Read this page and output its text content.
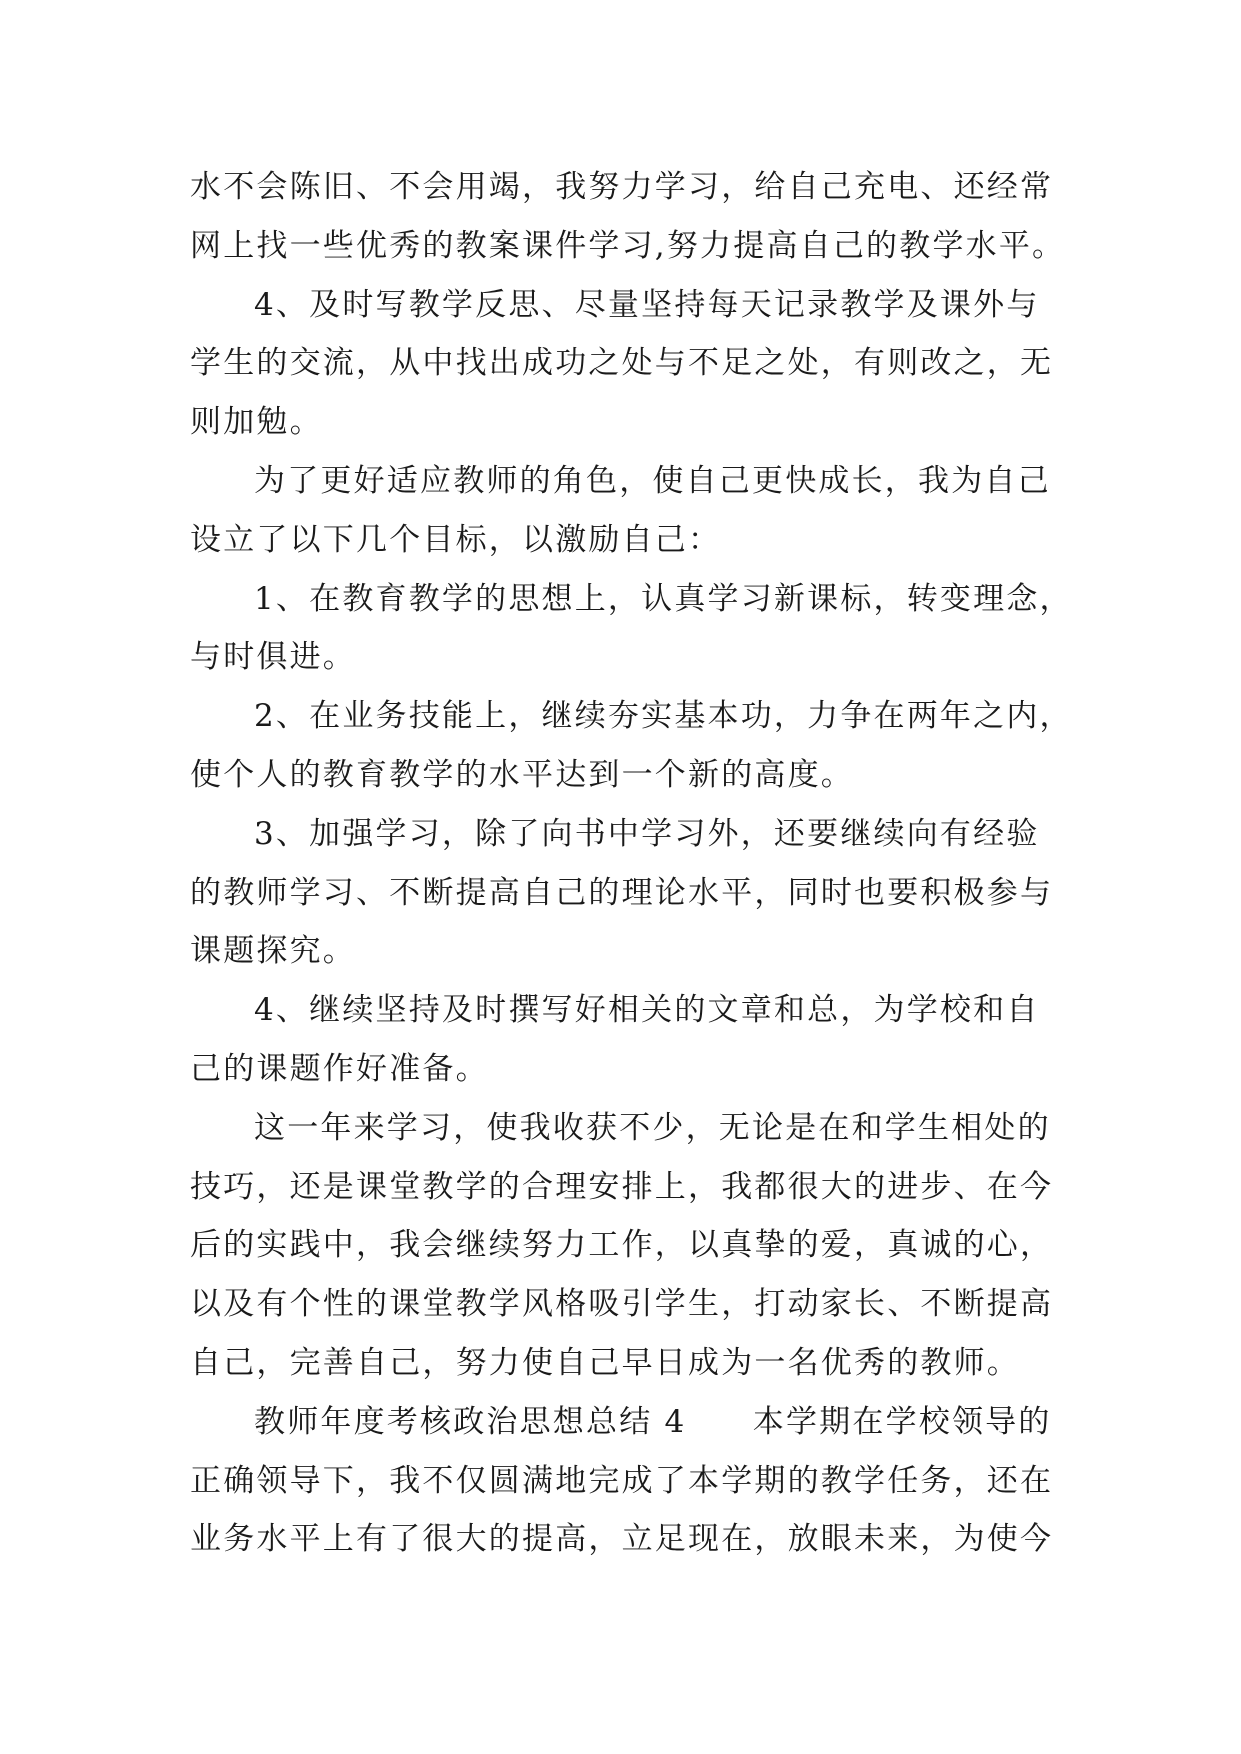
水不会陈旧、不会用竭，我努力学习，给自己充电、还经常
网上找一些优秀的教案课件学习,努力提高自己的教学水平。
4、及时写教学反思、尽量坚持每天记录教学及课外与
学生的交流，从中找出成功之处与不足之处，有则改之，无
则加勉。
为了更好适应教师的角色，使自己更快成长，我为自己
设立了以下几个目标，以激励自己：
1、在教育教学的思想上，认真学习新课标，转变理念，
与时俱进。
2、在业务技能上，继续夯实基本功，力争在两年之内，
使个人的教育教学的水平达到一个新的高度。
3、加强学习，除了向书中学习外，还要继续向有经验
的教师学习、不断提高自己的理论水平，同时也要积极参与
课题探究。
4、继续坚持及时撰写好相关的文章和总，为学校和自
己的课题作好准备。
这一年来学习，使我收获不少，无论是在和学生相处的
技巧，还是课堂教学的合理安排上，我都很大的进步、在今
后的实践中，我会继续努力工作，以真挚的爱，真诚的心，
以及有个性的课堂教学风格吸引学生，打动家长、不断提高
自己，完善自己，努力使自己早日成为一名优秀的教师。
教师年度考核政治思想总结 4　　本学期在学校领导的
正确领导下，我不仅圆满地完成了本学期的教学任务，还在
业务水平上有了很大的提高，立足现在，放眼未来，为使今
